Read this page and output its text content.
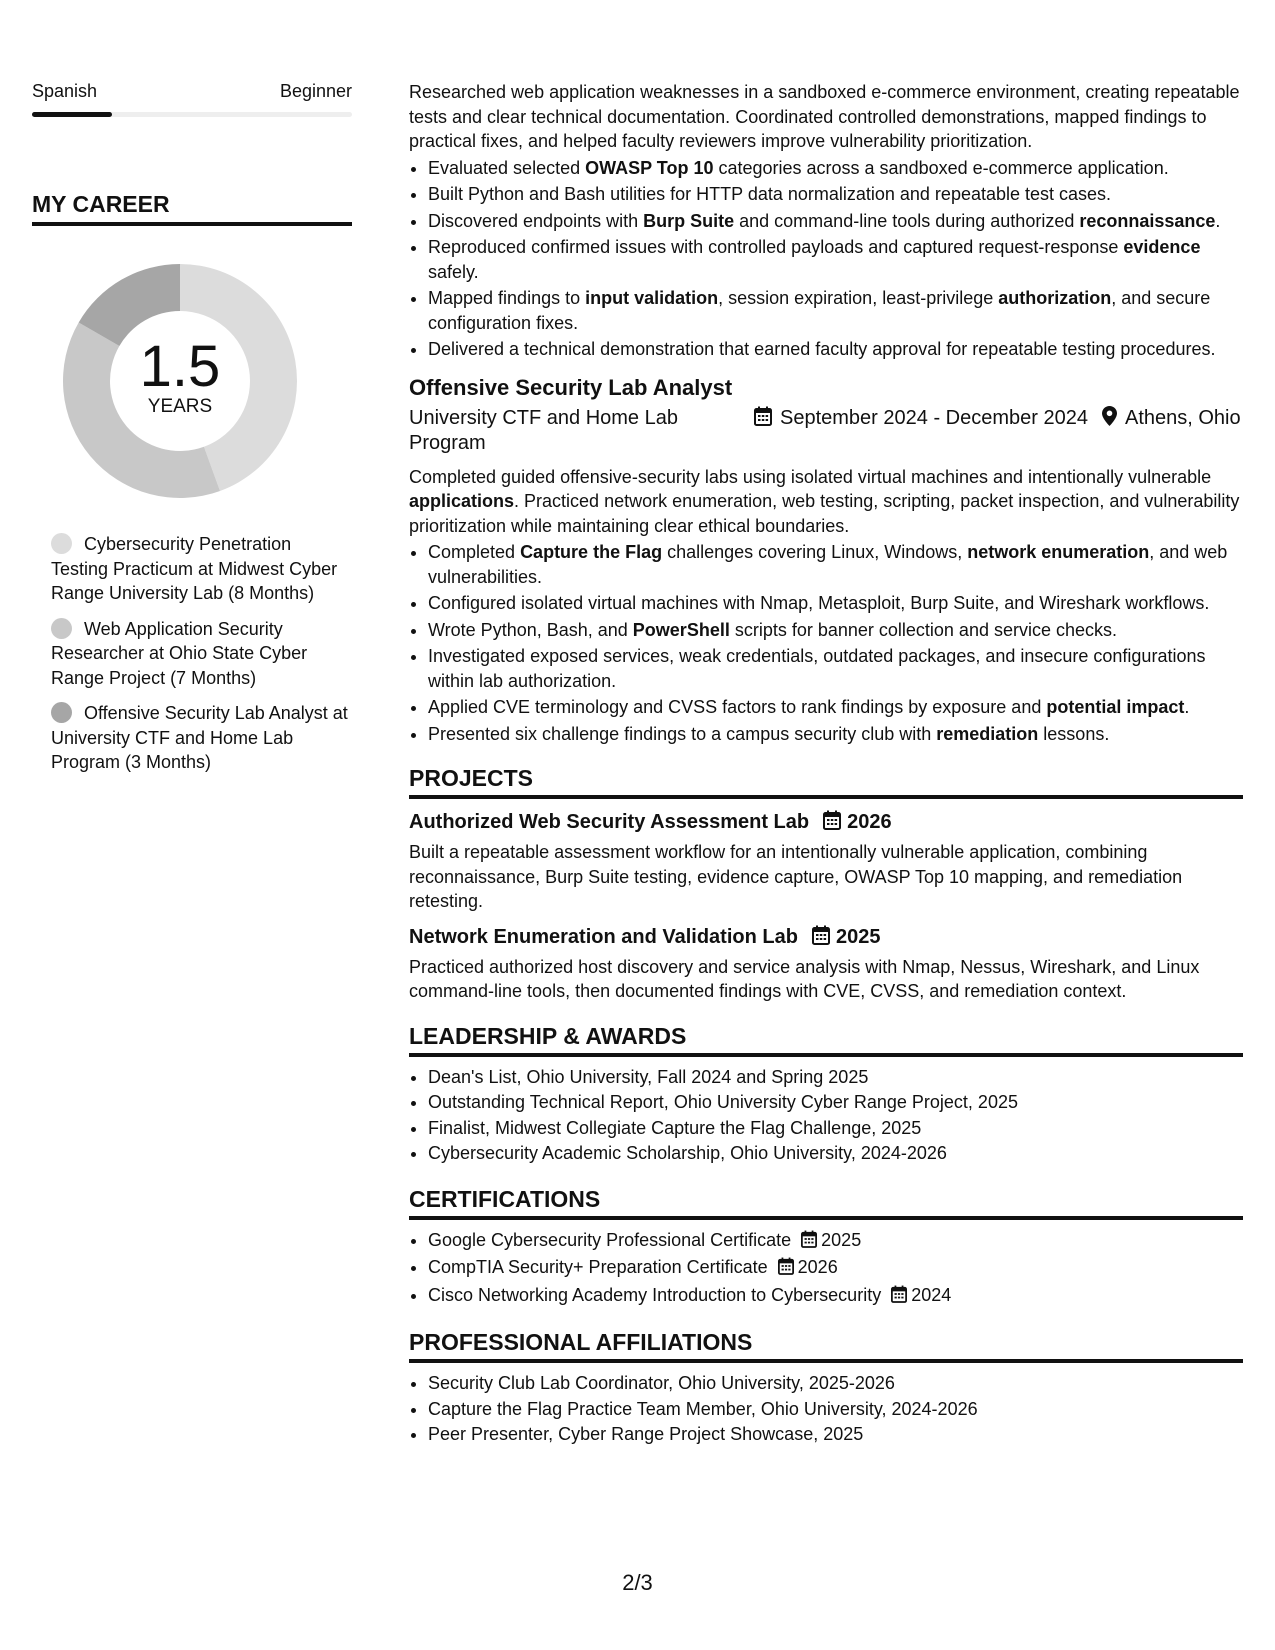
Spanish	Beginner
MY CAREER
1.5
YEARS
Cybersecurity Penetration Testing Practicum at Midwest Cyber Range University Lab (8 Months)
Web Application Security Researcher at Ohio State Cyber Range Project (7 Months)
Offensive Security Lab Analyst at University CTF and Home Lab Program (3 Months)

Researched web application weaknesses in a sandboxed e-commerce environment, creating repeatable tests and clear technical documentation. Coordinated controlled demonstrations, mapped findings to practical fixes, and helped faculty reviewers improve vulnerability prioritization.

• Evaluated selected OWASP Top 10 categories across a sandboxed e-commerce application.
• Built Python and Bash utilities for HTTP data normalization and repeatable test cases.
• Discovered endpoints with Burp Suite and command-line tools during authorized reconnaissance.
• Reproduced confirmed issues with controlled payloads and captured request-response evidence safely.
• Mapped findings to input validation, session expiration, least-privilege authorization, and secure configuration fixes.
• Delivered a technical demonstration that earned faculty approval for repeatable testing procedures.
Offensive Security Lab Analyst
University CTF and Home Lab Program
September 2024 - December 2024	Athens, Ohio

Completed guided offensive-security labs using isolated virtual machines and intentionally vulnerable applications. Practiced network enumeration, web testing, scripting, packet inspection, and vulnerability prioritization while maintaining clear ethical boundaries.

• Completed Capture the Flag challenges covering Linux, Windows, network enumeration, and web vulnerabilities.
• Configured isolated virtual machines with Nmap, Metasploit, Burp Suite, and Wireshark workflows.
• Wrote Python, Bash, and PowerShell scripts for banner collection and service checks.
• Investigated exposed services, weak credentials, outdated packages, and insecure configurations within lab authorization.
• Applied CVE terminology and CVSS factors to rank findings by exposure and potential impact.
• Presented six challenge findings to a campus security club with remediation lessons.
PROJECTS
Authorized Web Security Assessment Lab 2026

Built a repeatable assessment workflow for an intentionally vulnerable application, combining reconnaissance, Burp Suite testing, evidence capture, OWASP Top 10 mapping, and remediation retesting.

Network Enumeration and Validation Lab 2025

Practiced authorized host discovery and service analysis with Nmap, Nessus, Wireshark, and Linux command-line tools, then documented findings with CVE, CVSS, and remediation context.

LEADERSHIP & AWARDS
• Dean's List, Ohio University, Fall 2024 and Spring 2025
• Outstanding Technical Report, Ohio University Cyber Range Project, 2025
• Finalist, Midwest Collegiate Capture the Flag Challenge, 2025
• Cybersecurity Academic Scholarship, Ohio University, 2024-2026
CERTIFICATIONS
• Google Cybersecurity Professional Certificate 2025
• CompTIA Security+ Preparation Certificate 2026
• Cisco Networking Academy Introduction to Cybersecurity 2024
PROFESSIONAL AFFILIATIONS
• Security Club Lab Coordinator, Ohio University, 2025-2026
• Capture the Flag Practice Team Member, Ohio University, 2024-2026
• Peer Presenter, Cyber Range Project Showcase, 2025
2/3
